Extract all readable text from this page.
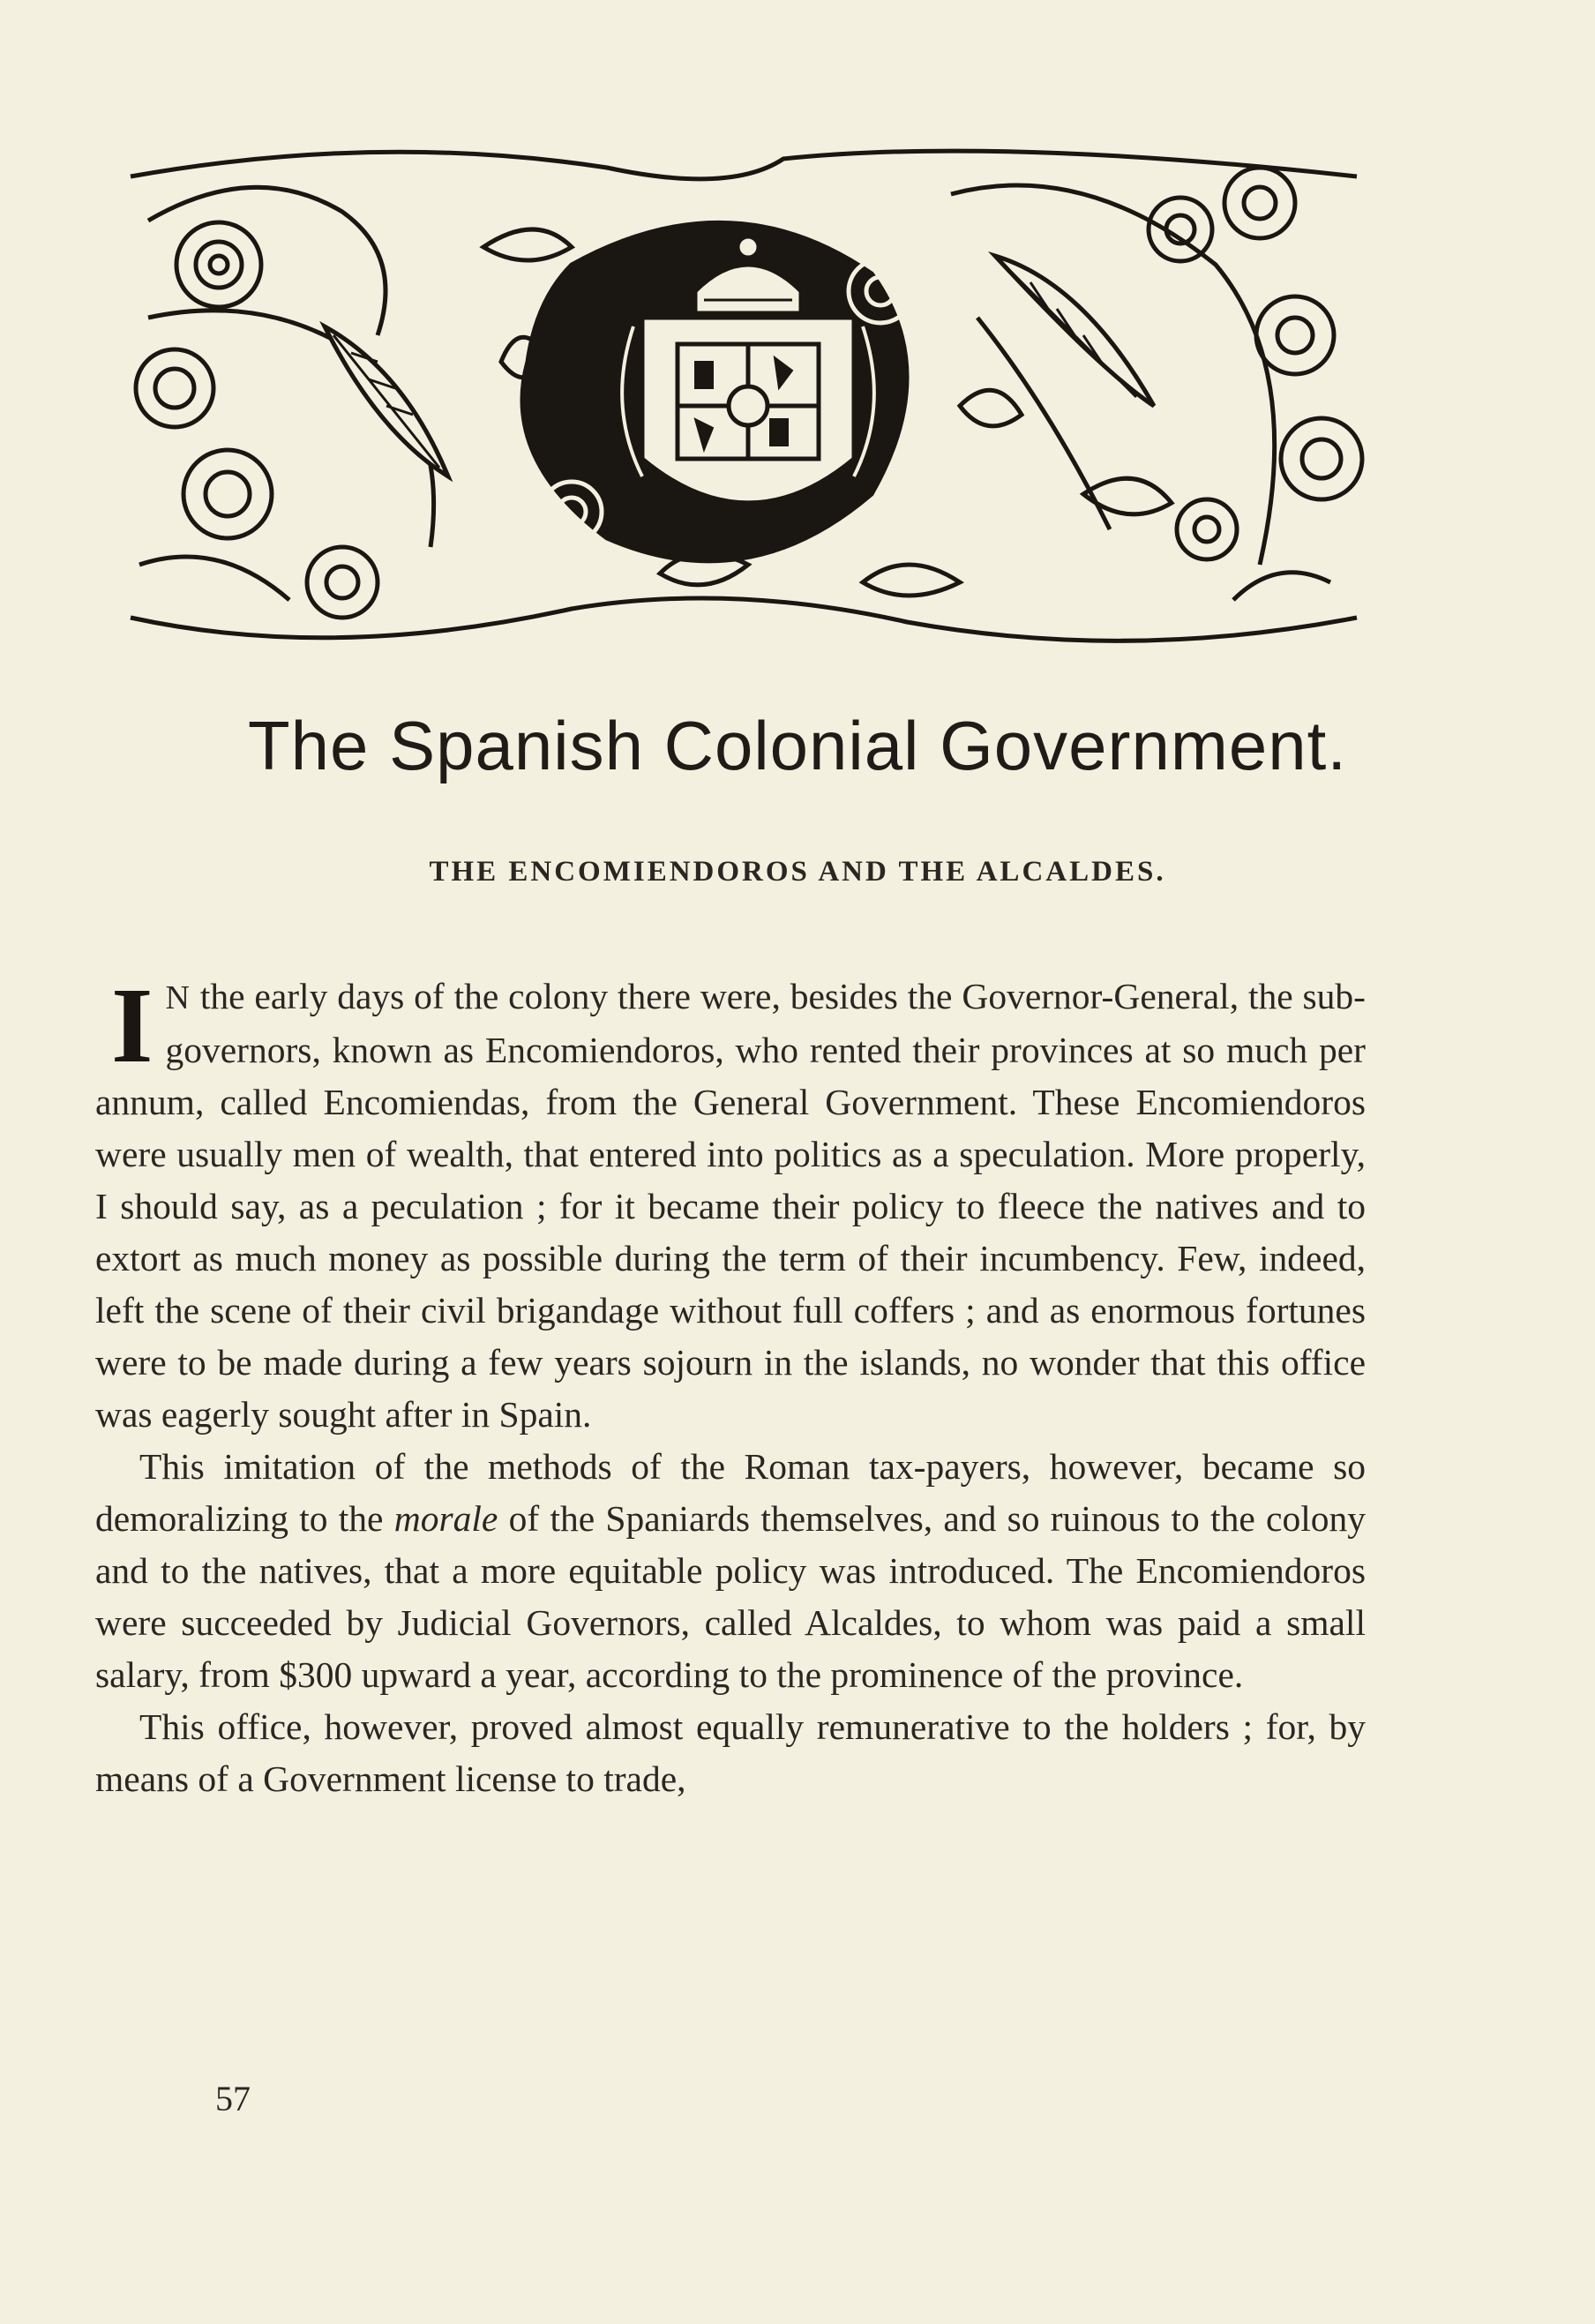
The Spanish Colonial Government.
THE ENCOMIENDOROS AND THE ALCALDES.

I N the early days of the colony there were, besides the Governor-General, the sub-governors, known as Encomiendoros, who rented their provinces at so much per annum, called Encomiendas, from the General Government. These Encomiendoros were usually men of wealth, that entered into politics as a speculation. More properly, I should say, as a peculation ; for it became their policy to fleece the natives and to extort as much money as possible during the term of their incumbency. Few, indeed, left the scene of their civil brigandage without full coffers ; and as enormous fortunes were to be made during a few years sojourn in the islands, no wonder that this office was eagerly sought after in Spain.

This imitation of the methods of the Roman tax-payers, however, became so demoralizing to the morale of the Spaniards themselves, and so ruinous to the colony and to the natives, that a more equitable policy was introduced. The Encomiendoros were succeeded by Judicial Governors, called Alcaldes, to whom was paid a small salary, from $300 upward a year, according to the prominence of the province.

This office, however, proved almost equally remunerative to the holders ; for, by means of a Government license to trade,

57
